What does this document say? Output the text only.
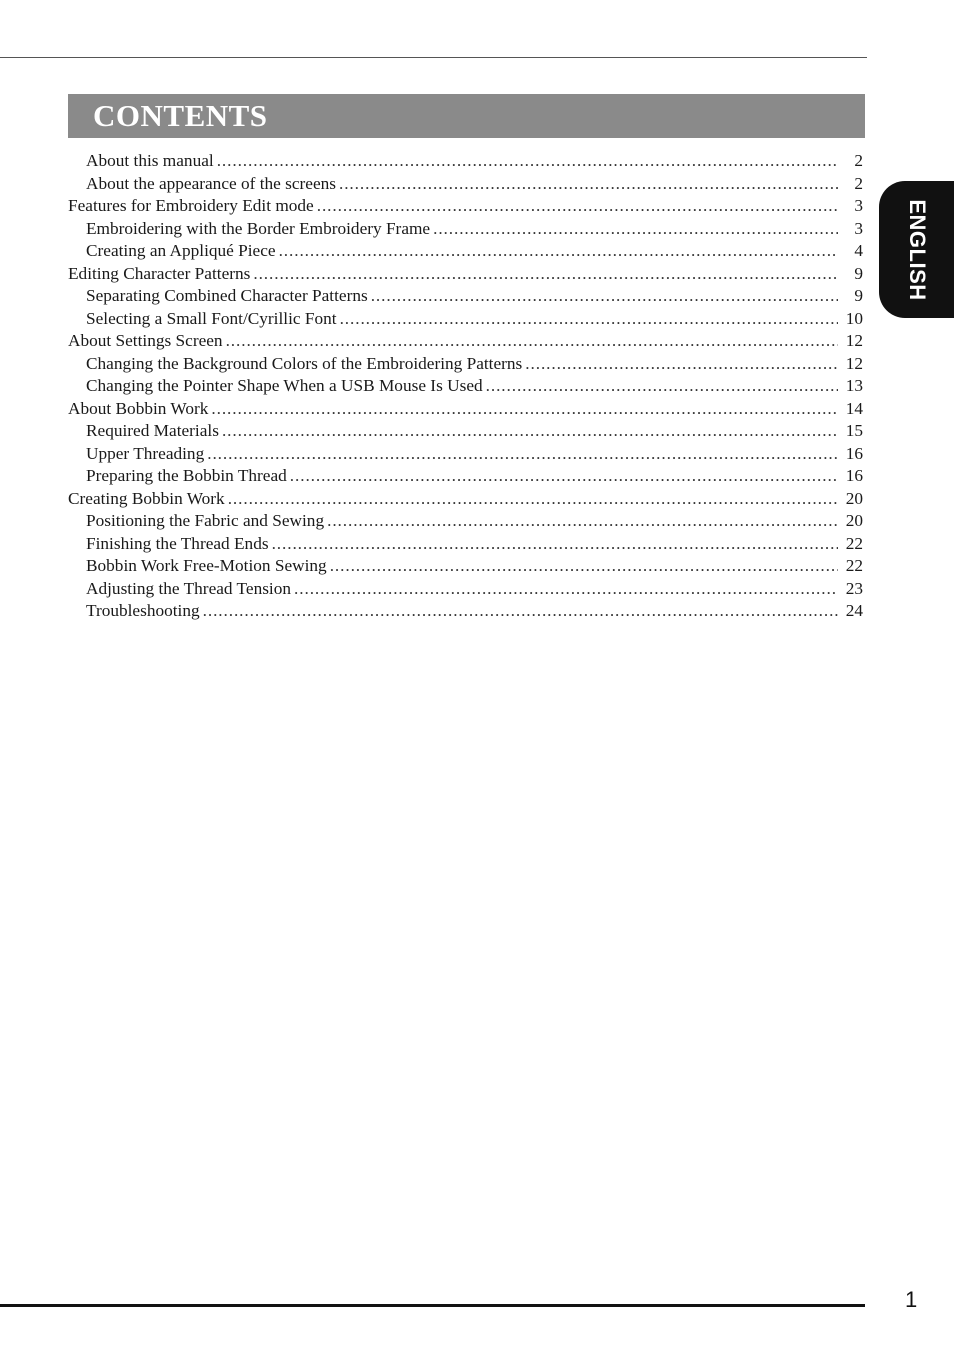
CONTENTS
ENGLISH
About this manual .....	2
About the appearance of the screens .....	2
Features for Embroidery Edit mode .....	3
Embroidering with the Border Embroidery Frame .....	3
Creating an Appliqué Piece .....	4
Editing Character Patterns .....	9
Separating Combined Character Patterns .....	9
Selecting a Small Font/Cyrillic Font .....	10
About Settings Screen .....	12
Changing the Background Colors of the Embroidering Patterns .....	12
Changing the Pointer Shape When a USB Mouse Is Used .....	13
About Bobbin Work .....	14
Required Materials .....	15
Upper Threading .....	16
Preparing the Bobbin Thread .....	16
Creating Bobbin Work .....	20
Positioning the Fabric and Sewing .....	20
Finishing the Thread Ends .....	22
Bobbin Work Free-Motion Sewing .....	22
Adjusting the Thread Tension .....	23
Troubleshooting .....	24
1
